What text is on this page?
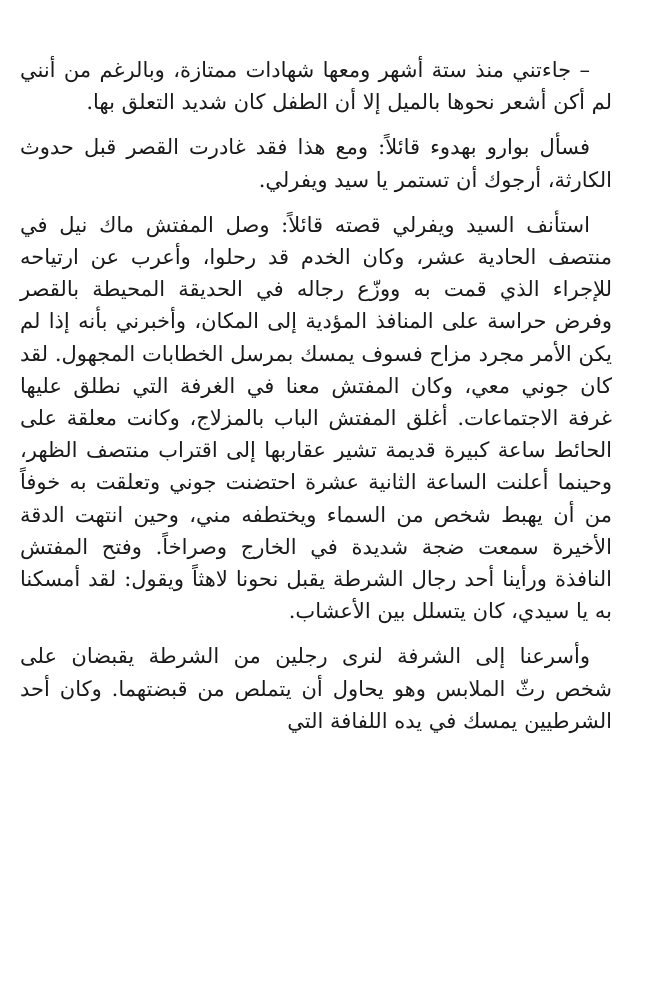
– جاءتني منذ ستة أشهر ومعها شهادات ممتازة، وبالرغم من أنني لم أكن أشعر نحوها بالميل إلا أن الطفل كان شديد التعلق بها.

فسأل بوارو بهدوء قائلاً: ومع هذا فقد غادرت القصر قبل حدوث الكارثة، أرجوك أن تستمر يا سيد ويفرلي.

استأنف السيد ويفرلي قصته قائلاً: وصل المفتش ماك نيل في منتصف الحادية عشر، وكان الخدم قد رحلوا، وأعرب عن ارتياحه للإجراء الذي قمت به ووزّع رجاله في الحديقة المحيطة بالقصر وفرض حراسة على المنافذ المؤدية إلى المكان، وأخبرني بأنه إذا لم يكن الأمر مجرد مزاح فسوف يمسك بمرسل الخطابات المجهول. لقد كان جوني معي، وكان المفتش معنا في الغرفة التي نطلق عليها غرفة الاجتماعات. أغلق المفتش الباب بالمزلاج، وكانت معلقة على الحائط ساعة كبيرة قديمة تشير عقاربها إلى اقتراب منتصف الظهر، وحينما أعلنت الساعة الثانية عشرة احتضنت جوني وتعلقت به خوفاً من أن يهبط شخص من السماء ويختطفه مني، وحين انتهت الدقة الأخيرة سمعت ضجة شديدة في الخارج وصراخاً. وفتح المفتش النافذة ورأينا أحد رجال الشرطة يقبل نحونا لاهثاً ويقول: لقد أمسكنا به يا سيدي، كان يتسلل بين الأعشاب.

وأسرعنا إلى الشرفة لنرى رجلين من الشرطة يقبضان على شخص رثّ الملابس وهو يحاول أن يتملص من قبضتهما. وكان أحد الشرطيين يمسك في يده اللفافة التي
